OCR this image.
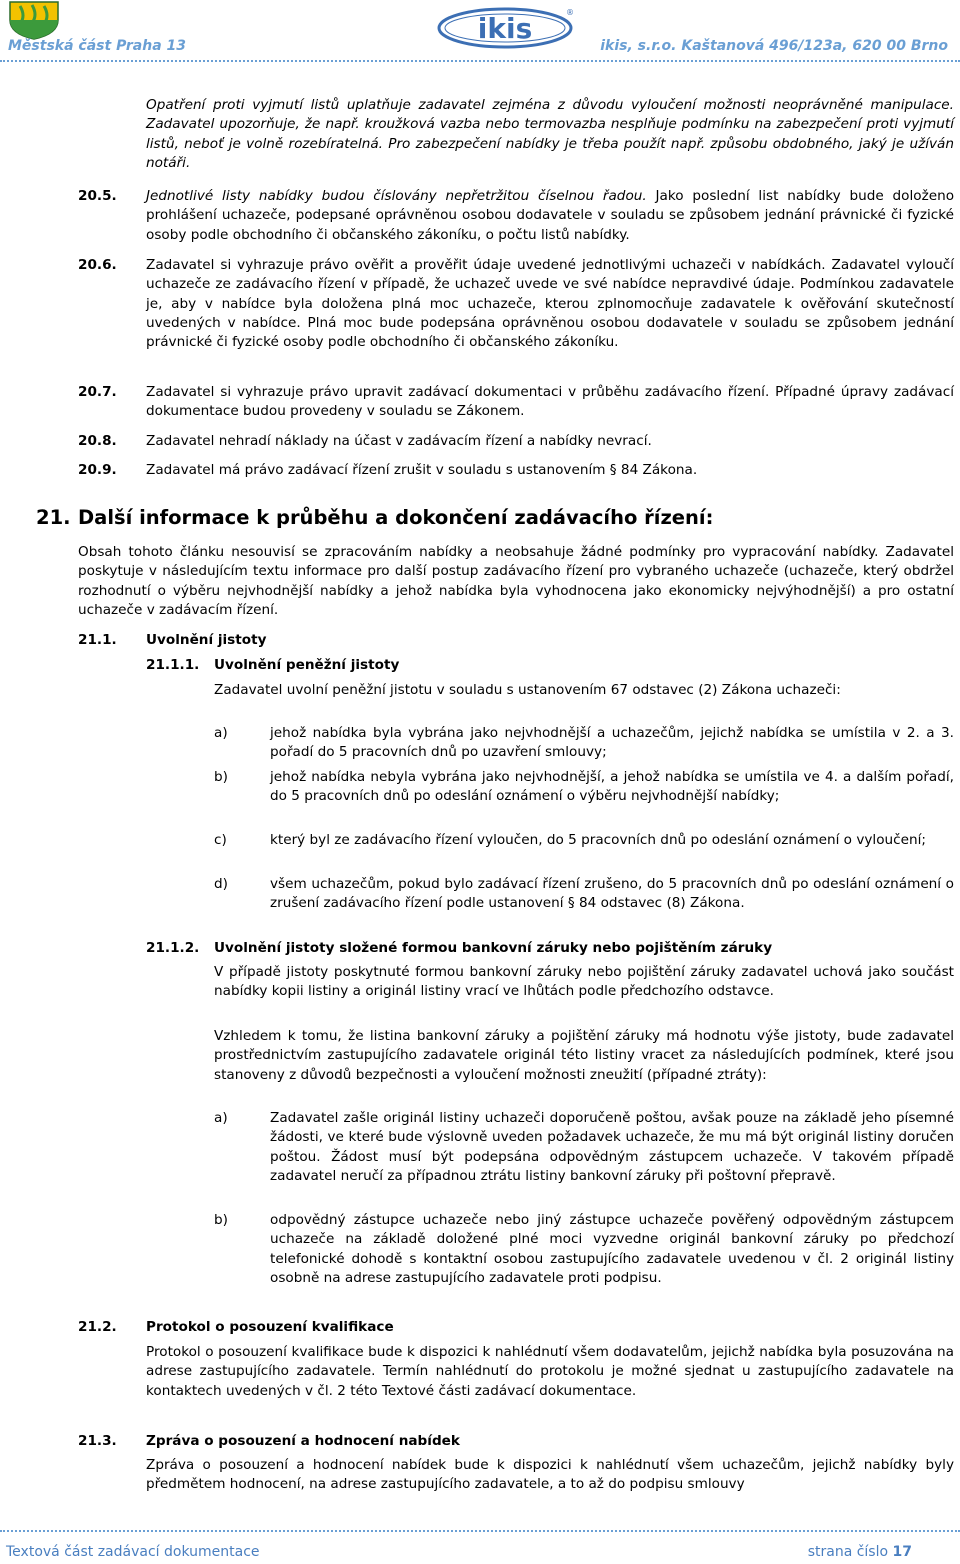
Městská část Praha 13
ikis	®
ikis, s.r.o. Kaštanová 496/123a, 620 00 Brno
Opatření proti vyjmutí listů uplatňuje zadavatel zejména z důvodu vyloučení možnosti neoprávněné manipulace. Zadavatel upozorňuje, že např. kroužková vazba nebo termovazba nesplňuje podmínku na zabezpečení proti vyjmutí listů, neboť je volně rozebíratelná. Pro zabezpečení nabídky je třeba použít např. způsobu obdobného, jaký je užíván notáři.
20.5. Jednotlivé listy nabídky budou číslovány nepřetržitou číselnou řadou. Jako poslední list nabídky bude doloženo prohlášení uchazeče, podepsané oprávněnou osobou dodavatele v souladu se způsobem jednání právnické či fyzické osoby podle obchodního či občanského zákoníku, o počtu listů nabídky.
20.6. Zadavatel si vyhrazuje právo ověřit a prověřit údaje uvedené jednotlivými uchazeči v nabídkách. Zadavatel vyloučí uchazeče ze zadávacího řízení v případě, že uchazeč uvede ve své nabídce nepravdivé údaje. Podmínkou zadavatele je, aby v nabídce byla doložena plná moc uchazeče, kterou zplnomocňuje zadavatele k ověřování skutečností uvedených v nabídce. Plná moc bude podepsána oprávněnou osobou dodavatele v souladu se způsobem jednání právnické či fyzické osoby podle obchodního či občanského zákoníku.
20.7. Zadavatel si vyhrazuje právo upravit zadávací dokumentaci v průběhu zadávacího řízení. Případné úpravy zadávací dokumentace budou provedeny v souladu se Zákonem.
20.8. Zadavatel nehradí náklady na účast v zadávacím řízení a nabídky nevrací.
20.9. Zadavatel má právo zadávací řízení zrušit v souladu s ustanovením § 84 Zákona.
21. Další informace k průběhu a dokončení zadávacího řízení:
Obsah tohoto článku nesouvisí se zpracováním nabídky a neobsahuje žádné podmínky pro vypracování nabídky. Zadavatel poskytuje v následujícím textu informace pro další postup zadávacího řízení pro vybraného uchazeče (uchazeče, který obdržel rozhodnutí o výběru nejvhodnější nabídky a jehož nabídka byla vyhodnocena jako ekonomicky nejvýhodnější) a pro ostatní uchazeče v zadávacím řízení.
21.1. Uvolnění jistoty
21.1.1. Uvolnění peněžní jistoty
Zadavatel uvolní peněžní jistotu v souladu s ustanovením 67 odstavec (2) Zákona uchazeči:
a)	jehož nabídka byla vybrána jako nejvhodnější a uchazečům, jejichž nabídka se umístila v 2. a 3. pořadí do 5 pracovních dnů po uzavření smlouvy;
b)	jehož nabídka nebyla vybrána jako nejvhodnější, a jehož nabídka se umístila ve 4. a dalším pořadí, do 5 pracovních dnů po odeslání oznámení o výběru nejvhodnější nabídky;
c)	který byl ze zadávacího řízení vyloučen, do 5 pracovních dnů po odeslání oznámení o vyloučení;
d)	všem uchazečům, pokud bylo zadávací řízení zrušeno, do 5 pracovních dnů po odeslání oznámení o zrušení zadávacího řízení podle ustanovení § 84 odstavec (8) Zákona.
21.1.2. Uvolnění jistoty složené formou bankovní záruky nebo pojištěním záruky
V případě jistoty poskytnuté formou bankovní záruky nebo pojištění záruky zadavatel uchová jako součást nabídky kopii listiny a originál listiny vrací ve lhůtách podle předchozího odstavce.
Vzhledem k tomu, že listina bankovní záruky a pojištění záruky má hodnotu výše jistoty, bude zadavatel prostřednictvím zastupujícího zadavatele originál této listiny vracet za následujících podmínek, které jsou stanoveny z důvodů bezpečnosti a vyloučení možnosti zneužití (případné ztráty):
a)	Zadavatel zašle originál listiny uchazeči doporučeně poštou, avšak pouze na základě jeho písemné žádosti, ve které bude výslovně uveden požadavek uchazeče, že mu má být originál listiny doručen poštou. Žádost musí být podepsána odpovědným zástupcem uchazeče. V takovém případě zadavatel neručí za případnou ztrátu listiny bankovní záruky při poštovní přepravě.
b)	odpovědný zástupce uchazeče nebo jiný zástupce uchazeče pověřený odpovědným zástupcem uchazeče na základě doložené plné moci vyzvedne originál bankovní záruky po předchozí telefonické dohodě s kontaktní osobou zastupujícího zadavatele uvedenou v čl. 2 originál listiny osobně na adrese zastupujícího zadavatele proti podpisu.
21.2. Protokol o posouzení kvalifikace
Protokol o posouzení kvalifikace bude k dispozici k nahlédnutí všem dodavatelům, jejichž nabídka byla posuzována na adrese zastupujícího zadavatele. Termín nahlédnutí do protokolu je možné sjednat u zastupujícího zadavatele na kontaktech uvedených v čl. 2 této Textové části zadávací dokumentace.
21.3. Zpráva o posouzení a hodnocení nabídek
Zpráva o posouzení a hodnocení nabídek bude k dispozici k nahlédnutí všem uchazečům, jejichž nabídky byly předmětem hodnocení, na adrese zastupujícího zadavatele, a to až do podpisu smlouvy
Textová část zadávací dokumentace	strana číslo 17
